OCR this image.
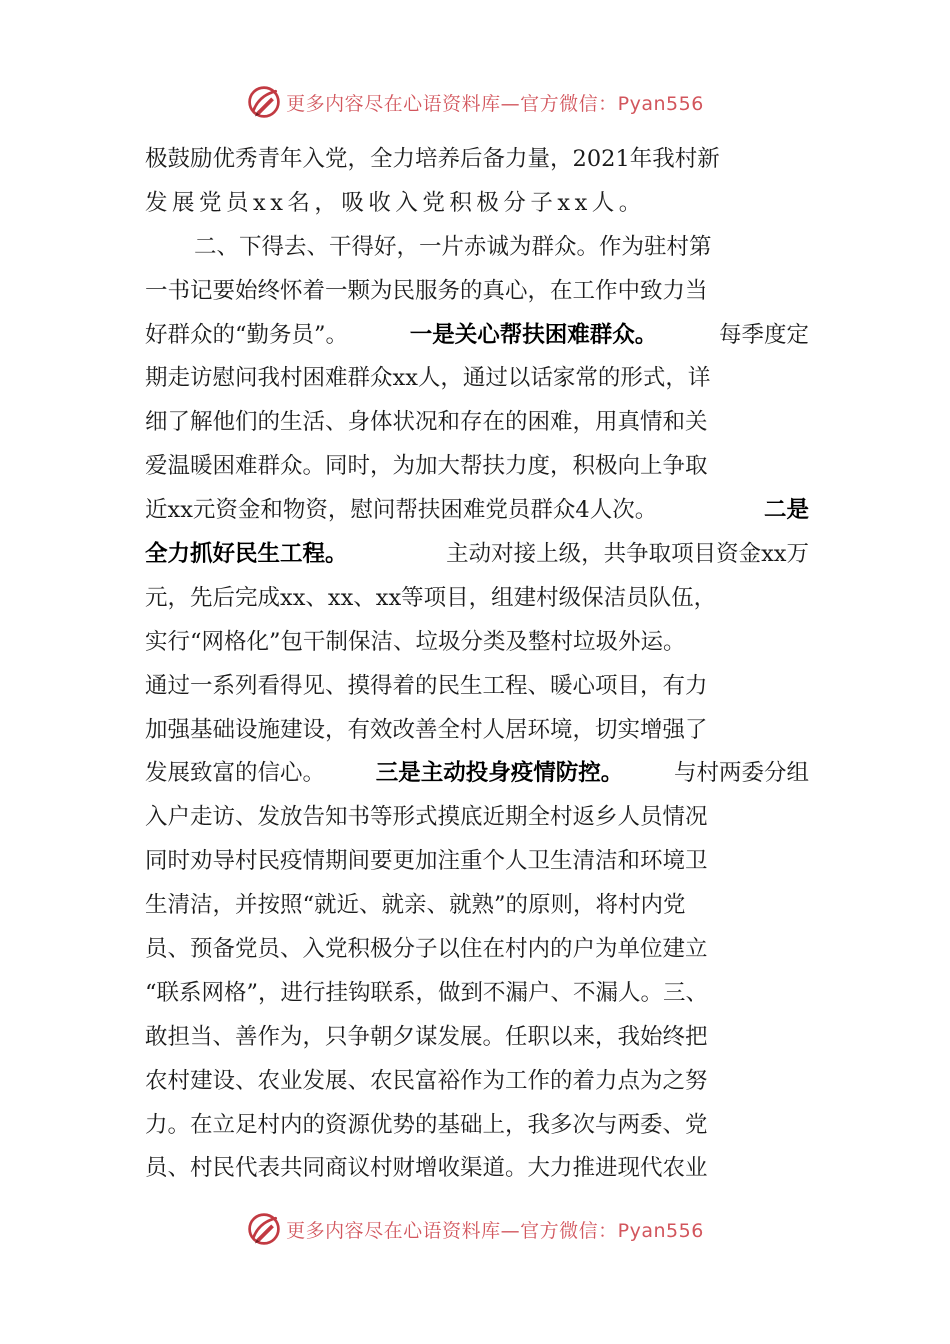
更多内容尽在心语资料库—官方微信：Pyan556
极鼓励优秀青年入党，全力培养后备力量，2021年我村新
发展党员xx名，吸收入党积极分子xx人。
二、下得去、干得好，一片赤诚为群众。作为驻村第
一书记要始终怀着一颗为民服务的真心，在工作中致力当
好群众的“勤务员”。	一是关心帮扶困难群众。	每季度定
期走访慰问我村困难群众xx人，通过以话家常的形式，详
细了解他们的生活、身体状况和存在的困难，用真情和关
爱温暖困难群众。同时，为加大帮扶力度，积极向上争取
近xx元资金和物资，慰问帮扶困难党员群众4人次。	二是
全力抓好民生工程。	主动对接上级，共争取项目资金xx万
元，先后完成xx、xx、xx等项目，组建村级保洁员队伍，
实行“网格化”包干制保洁、垃圾分类及整村垃圾外运。
通过一系列看得见、摸得着的民生工程、暖心项目，有力
加强基础设施建设，有效改善全村人居环境，切实增强了
发展致富的信心。 三是主动投身疫情防控。 与村两委分组
入户走访、发放告知书等形式摸底近期全村返乡人员情况
同时劝导村民疫情期间要更加注重个人卫生清洁和环境卫
生清洁，并按照“就近、就亲、就熟”的原则，将村内党
员、预备党员、入党积极分子以住在村内的户为单位建立
“联系网格”，进行挂钩联系，做到不漏户、不漏人。三、
敢担当、善作为，只争朝夕谋发展。任职以来，我始终把
农村建设、农业发展、农民富裕作为工作的着力点为之努
力。在立足村内的资源优势的基础上，我多次与两委、党
员、村民代表共同商议村财增收渠道。大力推进现代农业
更多内容尽在心语资料库—官方微信：Pyan556
